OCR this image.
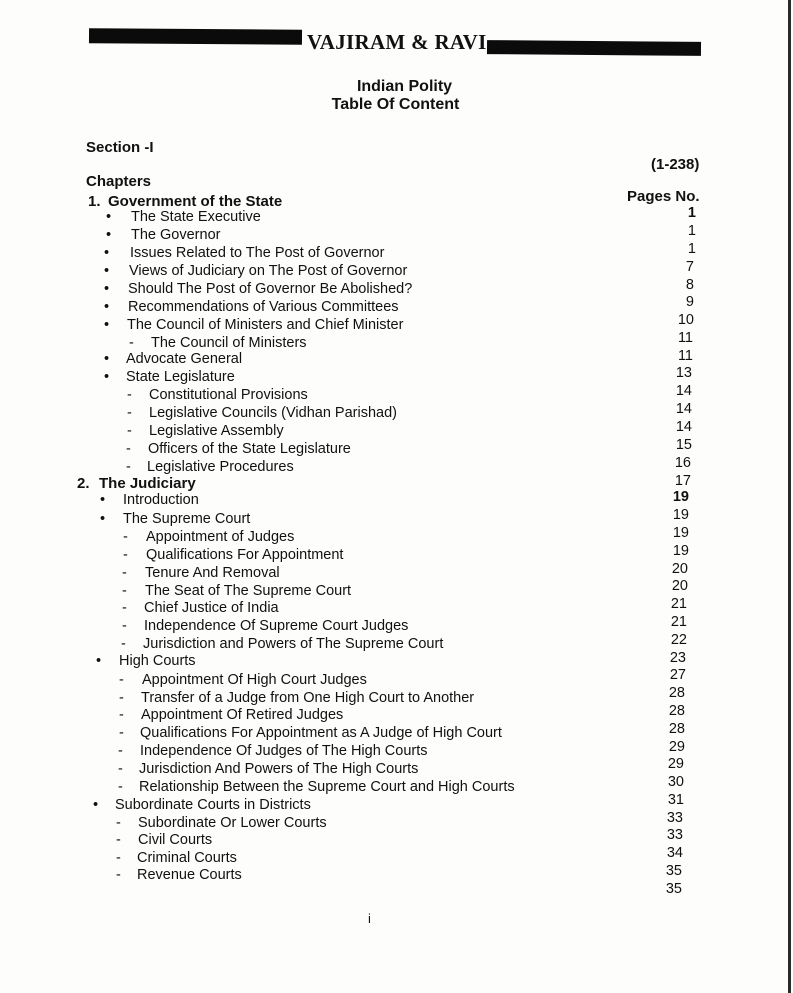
VAJIRAM & RAVI
Indian Polity
Table Of Content
Section -I
(1-238)
Chapters
Pages No.
1. Government of the State
• The State Executive
• The Governor
• Issues Related to The Post of Governor
• Views of Judiciary on The Post of Governor
• Should The Post of Governor Be Abolished?
• Recommendations of Various Committees
• The Council of Ministers and Chief Minister
- The Council of Ministers
• Advocate General
• State Legislature
- Constitutional Provisions
- Legislative Councils (Vidhan Parishad)
- Legislative Assembly
- Officers of the State Legislature
- Legislative Procedures
2. The Judiciary
• Introduction
• The Supreme Court
- Appointment of Judges
- Qualifications For Appointment
- Tenure And Removal
- The Seat of The Supreme Court
- Chief Justice of India
- Independence Of Supreme Court Judges
- Jurisdiction and Powers of The Supreme Court
• High Courts
- Appointment Of High Court Judges
- Transfer of a Judge from One High Court to Another
- Appointment Of Retired Judges
- Qualifications For Appointment as A Judge of High Court
- Independence Of Judges of The High Courts
- Jurisdiction And Powers of The High Courts
- Relationship Between the Supreme Court and High Courts
• Subordinate Courts in Districts
- Subordinate Or Lower Courts
- Civil Courts
- Criminal Courts
- Revenue Courts
1
1
1
7
8
9
10
11
11
13
14
14
14
15
16
17
19
19
19
19
20
20
21
21
22
23
27
28
28
28
29
29
30
31
33
33
34
35
35
i
